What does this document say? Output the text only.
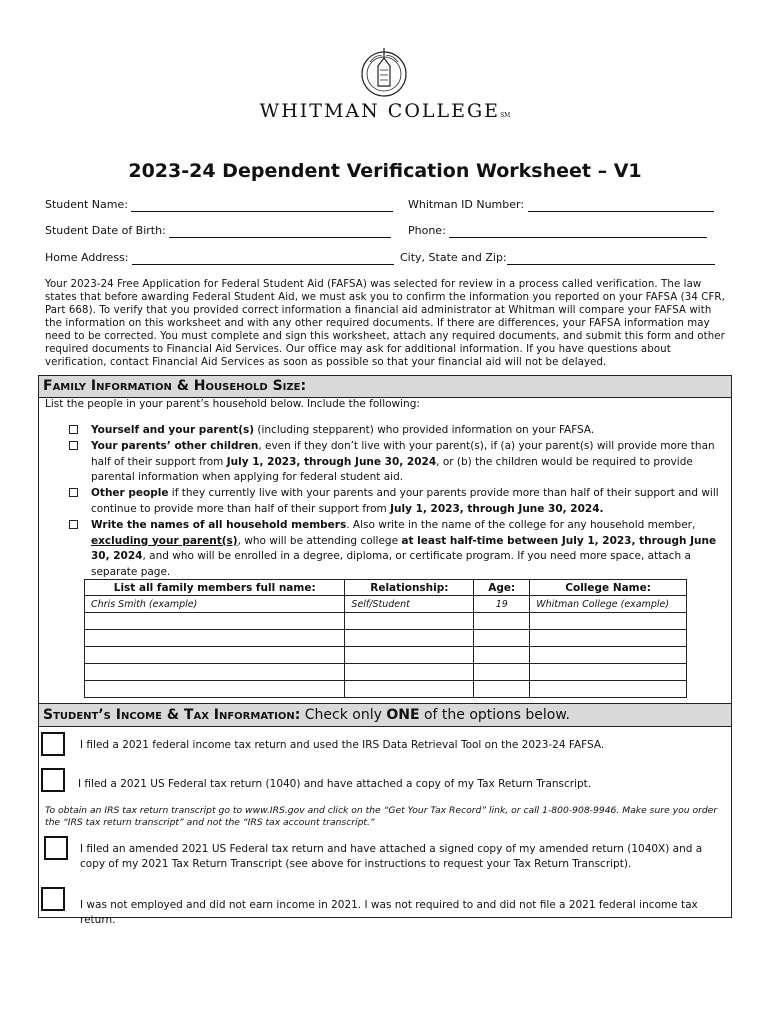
WHITMAN COLLEGESM
2023-24 Dependent Verification Worksheet – V1
Student Name:	Whitman ID Number:
Student Date of Birth:	Phone:
Home Address:	City, State and Zip:
Your 2023-24 Free Application for Federal Student Aid (FAFSA) was selected for review in a process called verification. The law states that before awarding Federal Student Aid, we must ask you to confirm the information you reported on your FAFSA (34 CFR, Part 668). To verify that you provided correct information a financial aid administrator at Whitman will compare your FAFSA with the information on this worksheet and with any other required documents. If there are differences, your FAFSA information may need to be corrected. You must complete and sign this worksheet, attach any required documents, and submit this form and other required documents to Financial Aid Services. Our office may ask for additional information. If you have questions about verification, contact Financial Aid Services as soon as possible so that your financial aid will not be delayed.
Family Information & Household Size:
List the people in your parent’s household below. Include the following:
Yourself and your parent(s) (including stepparent) who provided information on your FAFSA.
Your parents’ other children, even if they don’t live with your parent(s), if (a) your parent(s) will provide more than half of their support from July 1, 2023, through June 30, 2024, or (b) the children would be required to provide parental information when applying for federal student aid.
Other people if they currently live with your parents and your parents provide more than half of their support and will continue to provide more than half of their support from July 1, 2023, through June 30, 2024.
Write the names of all household members. Also write in the name of the college for any household member, excluding your parent(s), who will be attending college at least half-time between July 1, 2023, through June 30, 2024, and who will be enrolled in a degree, diploma, or certificate program. If you need more space, attach a separate page.
List all family members full name:	Relationship:	Age:	College Name:
Chris Smith (example)	Self/Student	19	Whitman College (example)

Student’s Income & Tax Information: Check only ONE of the options below.
I filed a 2021 federal income tax return and used the IRS Data Retrieval Tool on the 2023-24 FAFSA.
I filed a 2021 US Federal tax return (1040) and have attached a copy of my Tax Return Transcript.
To obtain an IRS tax return transcript go to www.IRS.gov and click on the “Get Your Tax Record” link, or call 1-800-908-9946. Make sure you order the “IRS tax return transcript” and not the “IRS tax account transcript.”
I filed an amended 2021 US Federal tax return and have attached a signed copy of my amended return (1040X) and a copy of my 2021 Tax Return Transcript (see above for instructions to request your Tax Return Transcript).
I was not employed and did not earn income in 2021. I was not required to and did not file a 2021 federal income tax return.
